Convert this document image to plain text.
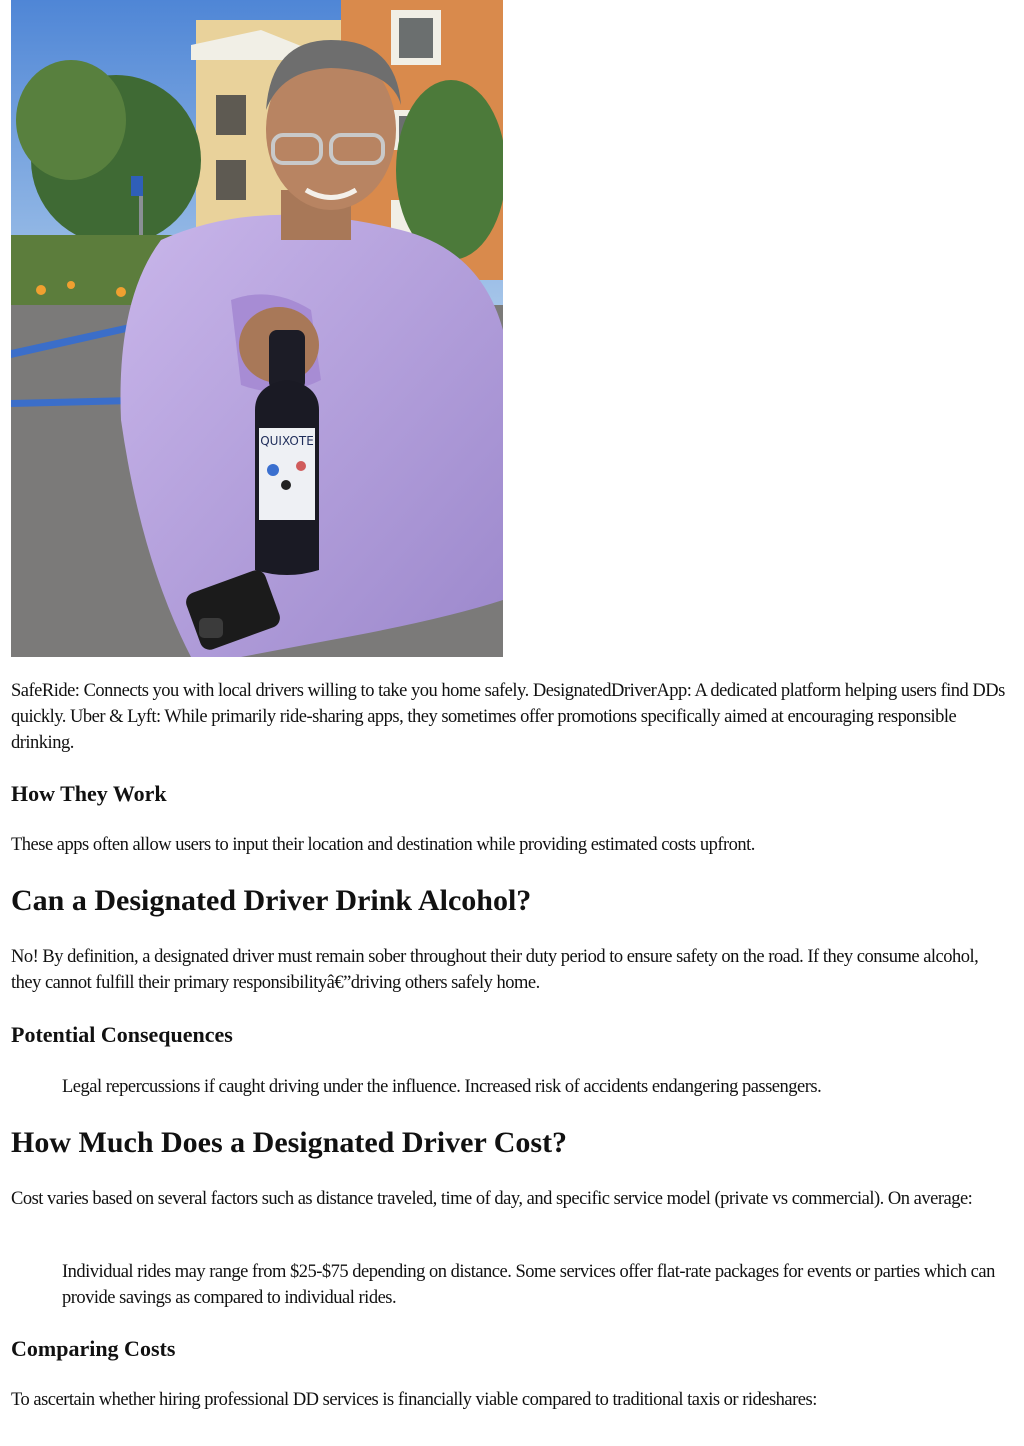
QUIXOTE

SafeRide: Connects you with local drivers willing to take you home safely. DesignatedDriverApp: A dedicated platform helping users find DDs quickly. Uber & Lyft: While primarily ride-sharing apps, they sometimes offer promotions specifically aimed at encouraging responsible drinking.

How They Work

These apps often allow users to input their location and destination while providing estimated costs upfront.

Can a Designated Driver Drink Alcohol?

No! By definition, a designated driver must remain sober throughout their duty period to ensure safety on the road. If they consume alcohol, they cannot fulfill their primary responsibilityâ€”driving others safely home.

Potential Consequences

Legal repercussions if caught driving under the influence. Increased risk of accidents endangering passengers.

How Much Does a Designated Driver Cost?

Cost varies based on several factors such as distance traveled, time of day, and specific service model (private vs commercial). On average:

Individual rides may range from $25-$75 depending on distance. Some services offer flat-rate packages for events or parties which can provide savings as compared to individual rides.

Comparing Costs

To ascertain whether hiring professional DD services is financially viable compared to traditional taxis or rideshares:
